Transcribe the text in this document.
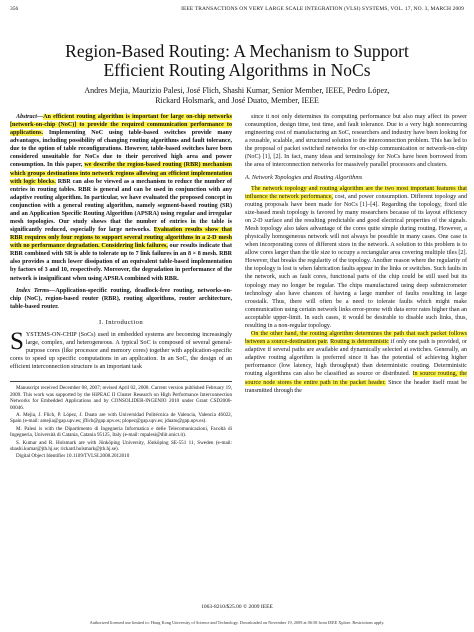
356	IEEE TRANSACTIONS ON VERY LARGE SCALE INTEGRATION (VLSI) SYSTEMS, VOL. 17, NO. 3, MARCH 2009
Region-Based Routing: A Mechanism to Support
Efficient Routing Algorithms in NoCs
Andres Mejia, Maurizio Palesi, José Flich, Shashi Kumar, Senior Member, IEEE, Pedro López,
Rickard Holsmark, and José Duato, Member, IEEE

Abstract—An efficient routing algorithm is important for large on-chip networks [network-on-chip (NoC)] to provide the required communication performance to applications. Implementing NoC using table-based switches provide many advantages, including possibility of changing routing algorithms and fault tolerance, due to the option of table reconfigurations. However, table-based switches have been considered unsuitable for NoCs due to their perceived high area and power consumption. In this paper, we describe the region-based routing (RBR) mechanism which groups destinations into network regions allowing an efficient implementation with logic blocks. RBR can also be viewed as a mechanism to reduce the number of entries in routing tables. RBR is general and can be used in conjunction with any adaptive routing algorithm. In particular, we have evaluated the proposed concept in conjunction with a general routing algorithm, namely segment-based routing (SR) and an Application Specific Routing Algorithm (APSRA) using regular and irregular mesh topologies. Our study shows that the number of entries in the table is significantly reduced, especially for large networks. Evaluation results show that RBR requires only four regions to support several routing algorithms in a 2-D mesh with no performance degradation. Considering link failures, our results indicate that RBR combined with SR is able to tolerate up to 7 link failures in an 8 × 8 mesh. RBR also provides a much lower dissipation of an equivalent table-based implementation by factors of 3 and 10, respectively. Moreover, the degradation in performance of the network is insignificant when using APSRA combined with RBR.

Index Terms—Application-specific routing, deadlock-free routing, networks-on-chip (NoC), region-based router (RBR), routing algorithms, router architecture, table-based router.

I. Introduction

SYSTEMS-ON-CHIP (SoCs) used in embedded systems are becoming increasingly large, complex, and heterogeneous. A typical SoC is composed of several general-purpose cores (like processor and memory cores) together with application-specific cores to speed up specific computations in an application. In an SoC, the design of an efficient interconnection structure is an important task

Manuscript received December 08, 2007; revised April 02, 2008. Current version published February 19, 2009. This work was supported by the HiPEAC II Cluster Research on High Performance Interconnection Networks for Embedded Applications and by CONSOLIDER-INGENIO 2010 under Grant CSD2006-00046.

A. Mejia, J. Flich, P. López, J. Duato are with Universidad Politécnica de Valencia, Valencia 46022, Spain (e-mail: amejia@gap.upv.es; jflich@gap.upv.es; plopez@gap.upv.es; jduato@gap.upv.es).

M. Palesi is with the Dipartimento di Ingegneria Informatica e delle Telecomunicazioni, Facoltà di Ingegneria, Università di Catania, Catania 95125, Italy (e-mail: mpalesi@diit.unict.it).

S. Kumar and R. Holsmark are with Jönköping University, Jönköping SE-551 11, Sweden (e-mail: shashi.kumar@jth.hj.se; rickard.holsmark@jth.hj.se).

Digital Object Identifier 10.1109/TVLSI.2008.2012010

since it not only determines its computing performance but also may affect its power consumption, design time, test time, and fault tolerance. Due to a very high nonrecurring engineering cost of manufacturing an SoC, researchers and industry have been looking for a reusable, scalable, and structured solution to the interconnection problem. This has led to the proposal of packet switched networks for on-chip communication or network-on-chip (NoC) [1], [2]. In fact, many ideas and terminology for NoCs have been borrowed from the area of interconnection networks for massively parallel processors and clusters.

A. Network Topologies and Routing Algorithms

The network topology and routing algorithm are the two most important features that influence the network performance, cost, and power consumption. Different topology and routing proposals have been made for NoCs [1]–[4]. Regarding the topology, fixed tile size-based mesh topology is favored by many researchers because of its layout efficiency on 2-D surface and the resulting predictable and good electrical properties of the signals. Mesh topology also takes advantage of the cores quite simple during routing. However, a physically homogeneous network will not always be possible in many cases. One case is when incorporating cores of different sizes in the network. A solution to this problem is to allow cores larger than the tile size to occupy a rectangular area covering multiple tiles [2]. However, that breaks the regularity of the topology. Another reason where the regularity of the topology is lost is when fabrication faults appear in the links or switches. Such faults in the network, such as fault cores, functional parts of the chip could be still used but its topology may no longer be regular. The chips manufactured using deep submicrometer technology also have chances of having a large number of faults resulting in large crosstalk. Thus, there will often be a need to tolerate faults which might make communication using certain network links error-prone with data error rates higher than an acceptable upper-limit. In such cases, it would be desirable to disable such links, thus, resulting in a non-regular topology.

On the other hand, the routing algorithm determines the path that each packet follows between a source-destination pair. Routing is deterministic if only one path is provided, or adaptive if several paths are available and dynamically selected at switches. Generally, an adaptive routing algorithm is preferred since it has the potential of achieving higher performance (low latency, high throughput) than deterministic routing. Deterministic routing algorithms can also be classified as source or distributed. In source routing, the source node stores the entire path in the packet header. Since the header itself must be transmitted through the

1063-8210/$25.00 © 2009 IEEE
Authorized licensed use limited to: Hong Kong University of Science and Technology. Downloaded on November 19, 2009 at 06:58 from IEEE Xplore. Restrictions apply.
